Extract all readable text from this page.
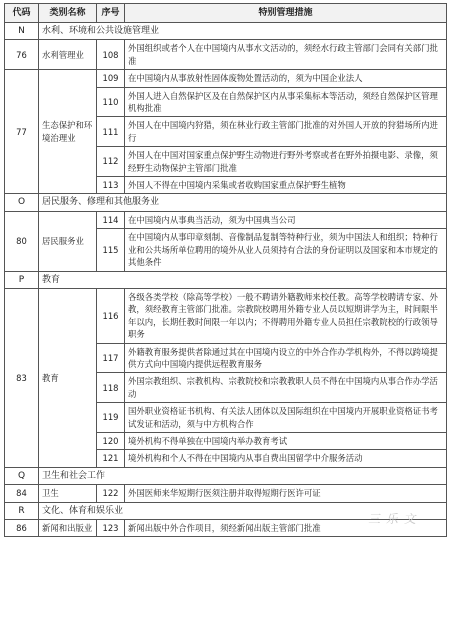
代码	类别名称	序号	特别管理措施
N	水利、环境和公共设施管理业		
76	水利管理业	108	外国组织或者个人在中国境内从事水文活动的，须经水行政主管部门会同有关部门批准
77	生态保护和环境治理业	109	在中国境内从事放射性固体废物处置活动的，须为中国企业法人
		110	外国人进入自然保护区及在自然保护区内从事采集标本等活动，须经自然保护区管理机构批准
		111	外国人在中国境内狩猎，须在林业行政主管部门批准的对外国人开放的狩猎场所内进行
		112	外国人在中国对国家重点保护野生动物进行野外考察或者在野外拍摄电影、录像，须经野生动物保护主管部门批准
		113	外国人不得在中国境内采集或者收购国家重点保护野生植物
O	居民服务、修理和其他服务业		
80	居民服务业	114	在中国境内从事典当活动，须为中国典当公司
		115	在中国境内从事印章刻制、音像制品复制等特种行业，须为中国法人和组织；特种行业和公共场所单位聘用的境外从业人员须持有合法的身份证明以及国家和本市规定的其他条件
P	教育		
83	教育	116	各级各类学校（除高等学校）一般不聘请外籍教师来校任教。高等学校聘请专家、外教，须经教育主管部门批准。宗教院校聘用外籍专业人员以短期讲学为主，时间限半年以内，长期任教时间限一年以内；不得聘用外籍专业人员担任宗教院校的行政领导职务
		117	外籍教育服务提供者除通过其在中国境内设立的中外合作办学机构外，不得以跨境提供方式向中国境内提供远程教育服务
		118	外国宗教组织、宗教机构、宗教院校和宗教教职人员不得在中国境内从事合作办学活动
		119	国外职业资格证书机构、有关法人团体以及国际组织在中国境内开展职业资格证书考试发证和活动，须与中方机构合作
		120	境外机构不得单独在中国境内举办教育考试
		121	境外机构和个人不得在中国境内从事自费出国留学中介服务活动
Q	卫生和社会工作		
84	卫生	122	外国医师来华短期行医须注册并取得短期行医许可证
R	文化、体育和娱乐业		
86	新闻和出版业	123	新闻出版中外合作项目，须经新闻出版主管部门批准
三 乐 文
